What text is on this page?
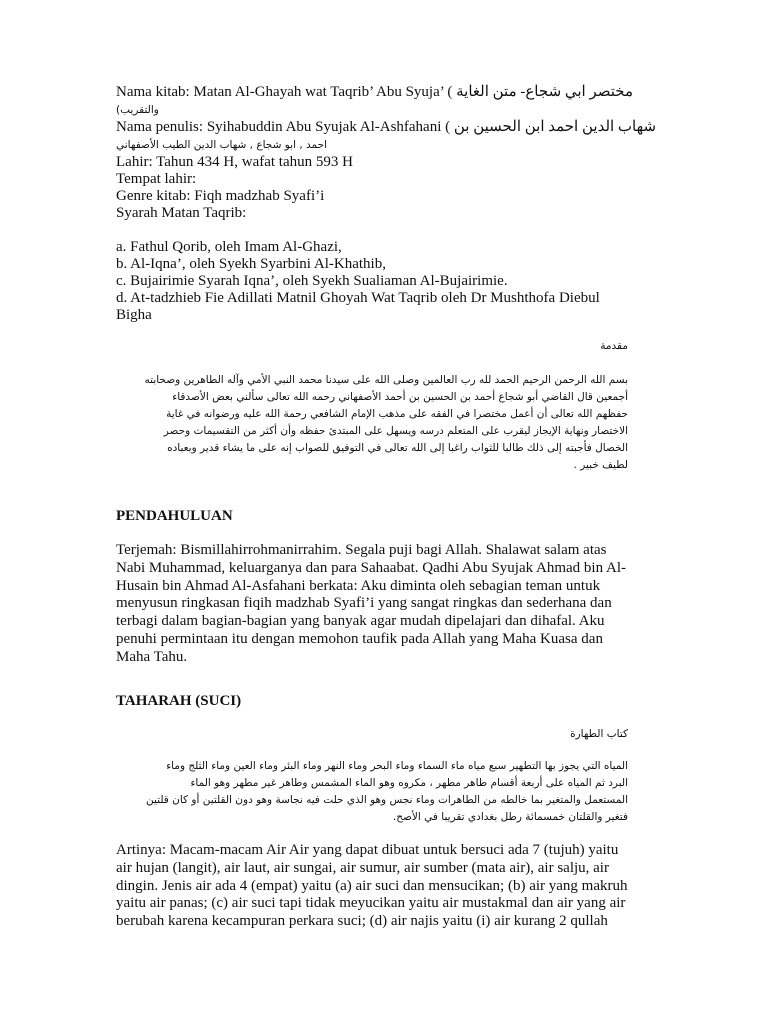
Nama kitab: Matan Al-Ghayah wat Taqrib’ Abu Syuja’ ( مختصر ابي شجاع- متن الغاية
(والتقريب
Nama penulis: Syihabuddin Abu Syujak Al-Ashfahani ( شهاب الدين احمد ابن الحسين بن
احمد , ابو شجاع , شهاب الدين الطيب الأصفهاني
Lahir: Tahun 434 H, wafat tahun 593 H
Tempat lahir:
Genre kitab: Fiqh madzhab Syafi’i
Syarah Matan Taqrib:
a. Fathul Qorib, oleh Imam Al-Ghazi,
b. Al-Iqna’, oleh Syekh Syarbini Al-Khathib,
c. Bujairimie Syarah Iqna’, oleh Syekh Sualiaman Al-Bujairimie.
d. At-tadzhieb Fie Adillati Matnil Ghoyah Wat Taqrib oleh Dr Mushthofa Diebul
Bigha
مقدمة
بسم الله الرحمن الرحيم الحمد لله رب العالمين وصلى الله على سيدنا محمد النبي الأمي وآله الطاهرين وصحابته
أجمعين قال القاضي أبو شجاع أحمد بن الحسين بن أحمد الأصفهاني رحمه الله تعالى سألني بعض الأصدقاء
حفظهم الله تعالى أن أعمل مختصرا في الفقه على مذهب الإمام الشافعي رحمة الله عليه ورضوانه في غاية
الاختصار ونهاية الإيجاز ليقرب على المتعلم درسه ويسهل على المبتدئ حفظه وأن أكثر من التقسيمات وحصر
الخصال فأجبته إلى ذلك طالبا للثواب راغبا إلى الله تعالى في التوفيق للصواب إنه على ما يشاء قدير وبعباده
لطيف خبير .
PENDAHULUAN
Terjemah: Bismillahirrohmanirrahim. Segala puji bagi Allah. Shalawat salam atas
Nabi Muhammad, keluarganya dan para Sahaabat. Qadhi Abu Syujak Ahmad bin Al-
Husain bin Ahmad Al-Asfahani berkata: Aku diminta oleh sebagian teman untuk
menyusun ringkasan fiqih madzhab Syafi’i yang sangat ringkas dan sederhana dan
terbagi dalam bagian-bagian yang banyak agar mudah dipelajari dan dihafal. Aku
penuhi permintaan itu dengan memohon taufik pada Allah yang Maha Kuasa dan
Maha Tahu.
TAHARAH (SUCI)
كتاب الطهارة
المياه التي يجوز بها التطهير سبع مياه ماء السماء وماء البحر وماء النهر وماء البئر وماء العين وماء الثلج وماء
البرد ثم المياه على أربعة أقسام طاهر مطهر ، مكروه وهو الماء المشمس وطاهر غير مطهر وهو الماء
المستعمل والمتغير بما خالطه من الطاهرات وماء نجس وهو الذي حلت فيه نجاسة وهو دون القلتين أو كان قلتين
فتغير والقلتان خمسمائة رطل بغدادي تقريبا في الأصح.
Artinya: Macam-macam Air Air yang dapat dibuat untuk bersuci ada 7 (tujuh) yaitu
air hujan (langit), air laut, air sungai, air sumur, air sumber (mata air), air salju, air
dingin. Jenis air ada 4 (empat) yaitu (a) air suci dan mensucikan; (b) air yang makruh
yaitu air panas; (c) air suci tapi tidak meyucikan yaitu air mustakmal dan air yang air
berubah karena kecampuran perkara suci; (d) air najis yaitu (i) air kurang 2 qullah
